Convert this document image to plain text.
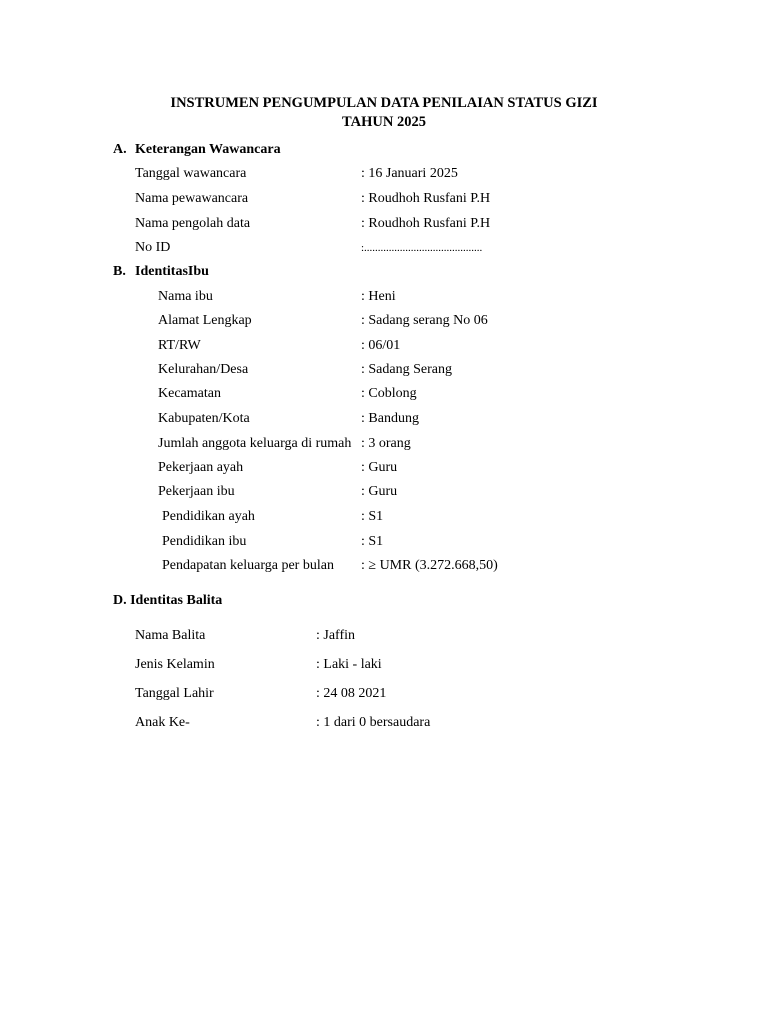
INSTRUMEN PENGUMPULAN DATA PENILAIAN STATUS GIZI
TAHUN 2025
A. Keterangan Wawancara
Tanggal wawancara	: 16 Januari 2025
Nama pewawancara	: Roudhoh Rusfani P.H
Nama pengolah data	: Roudhoh Rusfani P.H
No ID	:...........................................
B. IdentitasIbu
Nama ibu	: Heni
Alamat Lengkap	: Sadang serang No 06
RT/RW	: 06/01
Kelurahan/Desa	: Sadang Serang
Kecamatan	: Coblong
Kabupaten/Kota	: Bandung
Jumlah anggota keluarga di rumah : 3 orang
Pekerjaan ayah	: Guru
Pekerjaan ibu	: Guru
Pendidikan ayah	: S1
Pendidikan ibu	: S1
Pendapatan keluarga per bulan : ≥ UMR (3.272.668,50)
D. Identitas Balita
Nama Balita	: Jaffin
Jenis Kelamin	: Laki - laki
Tanggal Lahir	: 24 08 2021
Anak Ke-	: 1 dari 0 bersaudara
